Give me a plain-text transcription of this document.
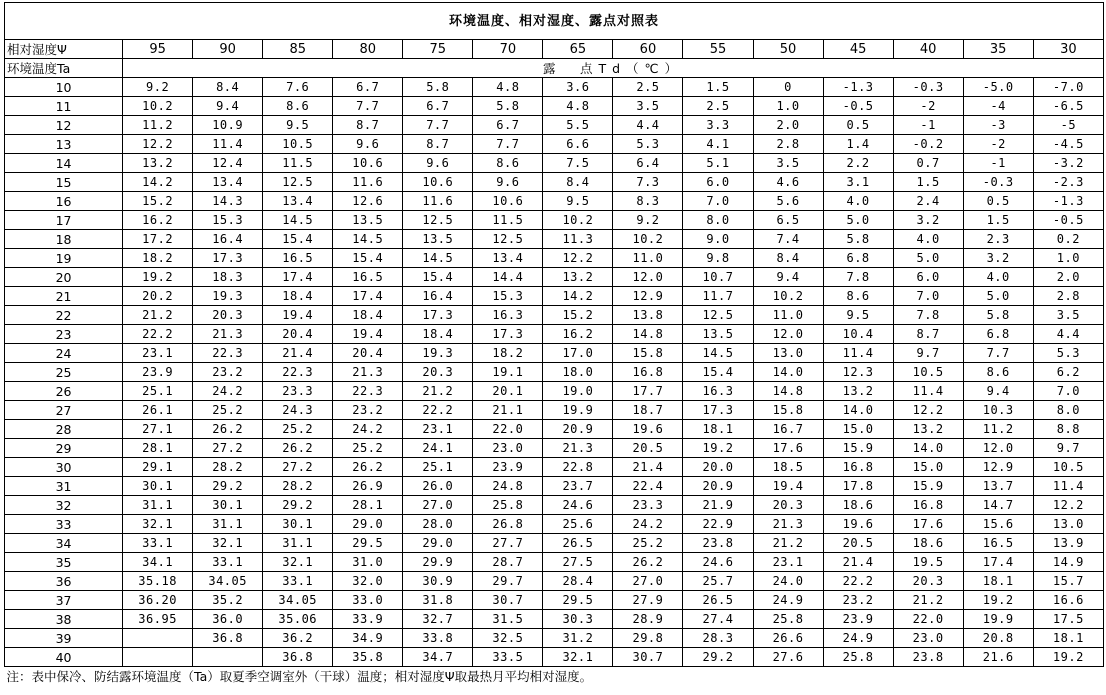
环境温度、相对湿度、露点对照表														
相对湿度Ψ	95	90	85	80	75	70	65	60	55	50	45	40	35	30
环境温度Ta	露　点Td（℃）													
10	9.2	8.4	7.6	6.7	5.8	4.8	3.6	2.5	1.5	0	-1.3	-0.3	-5.0	-7.0
11	10.2	9.4	8.6	7.7	6.7	5.8	4.8	3.5	2.5	1.0	-0.5	-2	-4	-6.5
12	11.2	10.9	9.5	8.7	7.7	6.7	5.5	4.4	3.3	2.0	0.5	-1	-3	-5
13	12.2	11.4	10.5	9.6	8.7	7.7	6.6	5.3	4.1	2.8	1.4	-0.2	-2	-4.5
14	13.2	12.4	11.5	10.6	9.6	8.6	7.5	6.4	5.1	3.5	2.2	0.7	-1	-3.2
15	14.2	13.4	12.5	11.6	10.6	9.6	8.4	7.3	6.0	4.6	3.1	1.5	-0.3	-2.3
16	15.2	14.3	13.4	12.6	11.6	10.6	9.5	8.3	7.0	5.6	4.0	2.4	0.5	-1.3
17	16.2	15.3	14.5	13.5	12.5	11.5	10.2	9.2	8.0	6.5	5.0	3.2	1.5	-0.5
18	17.2	16.4	15.4	14.5	13.5	12.5	11.3	10.2	9.0	7.4	5.8	4.0	2.3	0.2
19	18.2	17.3	16.5	15.4	14.5	13.4	12.2	11.0	9.8	8.4	6.8	5.0	3.2	1.0
20	19.2	18.3	17.4	16.5	15.4	14.4	13.2	12.0	10.7	9.4	7.8	6.0	4.0	2.0
21	20.2	19.3	18.4	17.4	16.4	15.3	14.2	12.9	11.7	10.2	8.6	7.0	5.0	2.8
22	21.2	20.3	19.4	18.4	17.3	16.3	15.2	13.8	12.5	11.0	9.5	7.8	5.8	3.5
23	22.2	21.3	20.4	19.4	18.4	17.3	16.2	14.8	13.5	12.0	10.4	8.7	6.8	4.4
24	23.1	22.3	21.4	20.4	19.3	18.2	17.0	15.8	14.5	13.0	11.4	9.7	7.7	5.3
25	23.9	23.2	22.3	21.3	20.3	19.1	18.0	16.8	15.4	14.0	12.3	10.5	8.6	6.2
26	25.1	24.2	23.3	22.3	21.2	20.1	19.0	17.7	16.3	14.8	13.2	11.4	9.4	7.0
27	26.1	25.2	24.3	23.2	22.2	21.1	19.9	18.7	17.3	15.8	14.0	12.2	10.3	8.0
28	27.1	26.2	25.2	24.2	23.1	22.0	20.9	19.6	18.1	16.7	15.0	13.2	11.2	8.8
29	28.1	27.2	26.2	25.2	24.1	23.0	21.3	20.5	19.2	17.6	15.9	14.0	12.0	9.7
30	29.1	28.2	27.2	26.2	25.1	23.9	22.8	21.4	20.0	18.5	16.8	15.0	12.9	10.5
31	30.1	29.2	28.2	26.9	26.0	24.8	23.7	22.4	20.9	19.4	17.8	15.9	13.7	11.4
32	31.1	30.1	29.2	28.1	27.0	25.8	24.6	23.3	21.9	20.3	18.6	16.8	14.7	12.2
33	32.1	31.1	30.1	29.0	28.0	26.8	25.6	24.2	22.9	21.3	19.6	17.6	15.6	13.0
34	33.1	32.1	31.1	29.5	29.0	27.7	26.5	25.2	23.8	21.2	20.5	18.6	16.5	13.9
35	34.1	33.1	32.1	31.0	29.9	28.7	27.5	26.2	24.6	23.1	21.4	19.5	17.4	14.9
36	35.18	34.05	33.1	32.0	30.9	29.7	28.4	27.0	25.7	24.0	22.2	20.3	18.1	15.7
37	36.20	35.2	34.05	33.0	31.8	30.7	29.5	27.9	26.5	24.9	23.2	21.2	19.2	16.6
38	36.95	36.0	35.06	33.9	32.7	31.5	30.3	28.9	27.4	25.8	23.9	22.0	19.9	17.5
39		36.8	36.2	34.9	33.8	32.5	31.2	29.8	28.3	26.6	24.9	23.0	20.8	18.1
40			36.8	35.8	34.7	33.5	32.1	30.7	29.2	27.6	25.8	23.8	21.6	19.2
注：表中保冷、防结露环境温度（Ta）取夏季空调室外（干球）温度；相对湿度Ψ取最热月平均相对湿度。														
